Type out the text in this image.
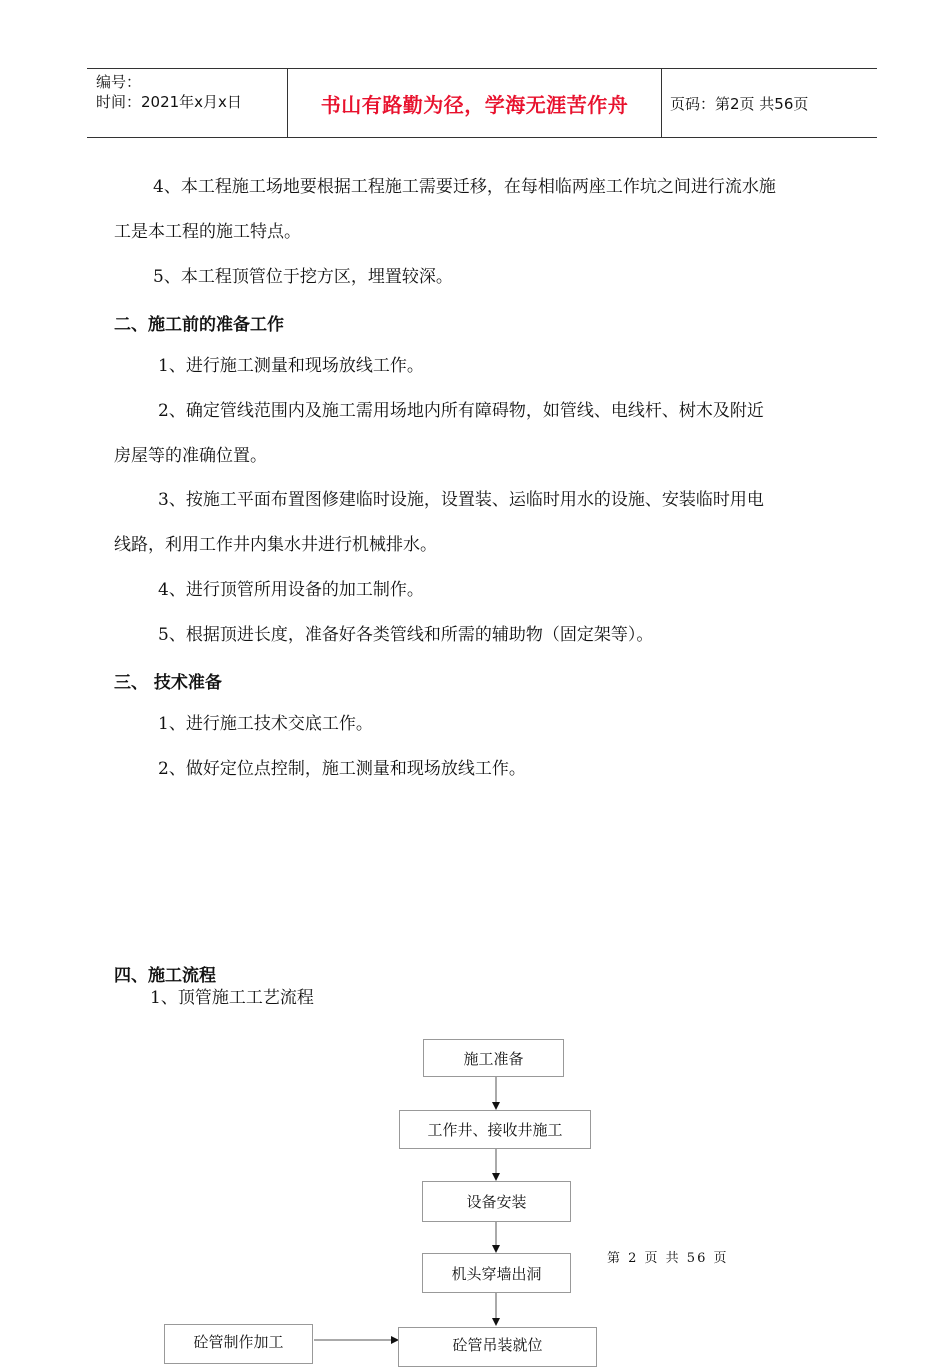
编号：
时间：2021年x月x日	书山有路勤为径，学海无涯苦作舟	页码：第2页 共56页
4、本工程施工场地要根据工程施工需要迁移，在每相临两座工作坑之间进行流水施
工是本工程的施工特点。
5、本工程顶管位于挖方区，埋置较深。
二、施工前的准备工作
1、进行施工测量和现场放线工作。
2、确定管线范围内及施工需用场地内所有障碍物，如管线、电线杆、树木及附近
房屋等的准确位置。
3、按施工平面布置图修建临时设施，设置装、运临时用水的设施、安装临时用电
线路，利用工作井内集水井进行机械排水。
4、进行顶管所用设备的加工制作。
5、根据顶进长度，准备好各类管线和所需的辅助物（固定架等）。
三、 技术准备
1、进行施工技术交底工作。
2、做好定位点控制，施工测量和现场放线工作。
四、施工流程
1、顶管施工工艺流程
施工准备
工作井、接收井施工
设备安装
机头穿墙出洞
砼管制作加工	砼管吊装就位
第 2 页 共 56 页
